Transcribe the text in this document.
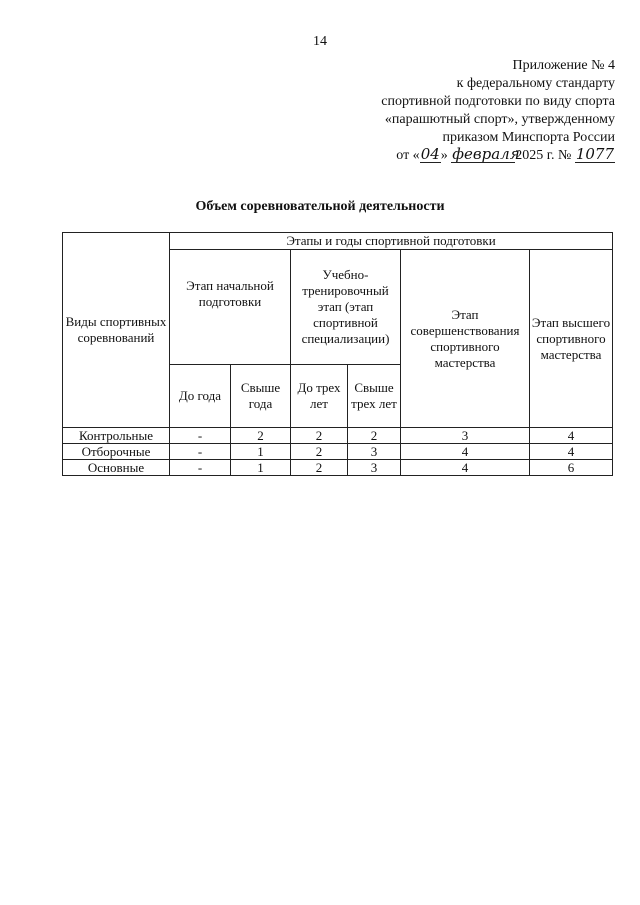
14
Приложение № 4
к федеральному стандарту
спортивной подготовки по виду спорта
«парашютный спорт», утвержденному
приказом Минспорта России
от «04» февраля2025 г. № 1077
Объем соревновательной деятельности
Виды спортивных соревнований	Этапы и годы спортивной подготовки					
	Этап начальной подготовки		Учебно-тренировочный этап (этап спортивной специализации)		Этап совершенствования спортивного мастерства	Этап высшего спортивного мастерства
	До года	Свыше года	До трех лет	Свыше трех лет		
Контрольные	-	2	2	2	3	4
Отборочные	-	1	2	3	4	4
Основные	-	1	2	3	4	6
